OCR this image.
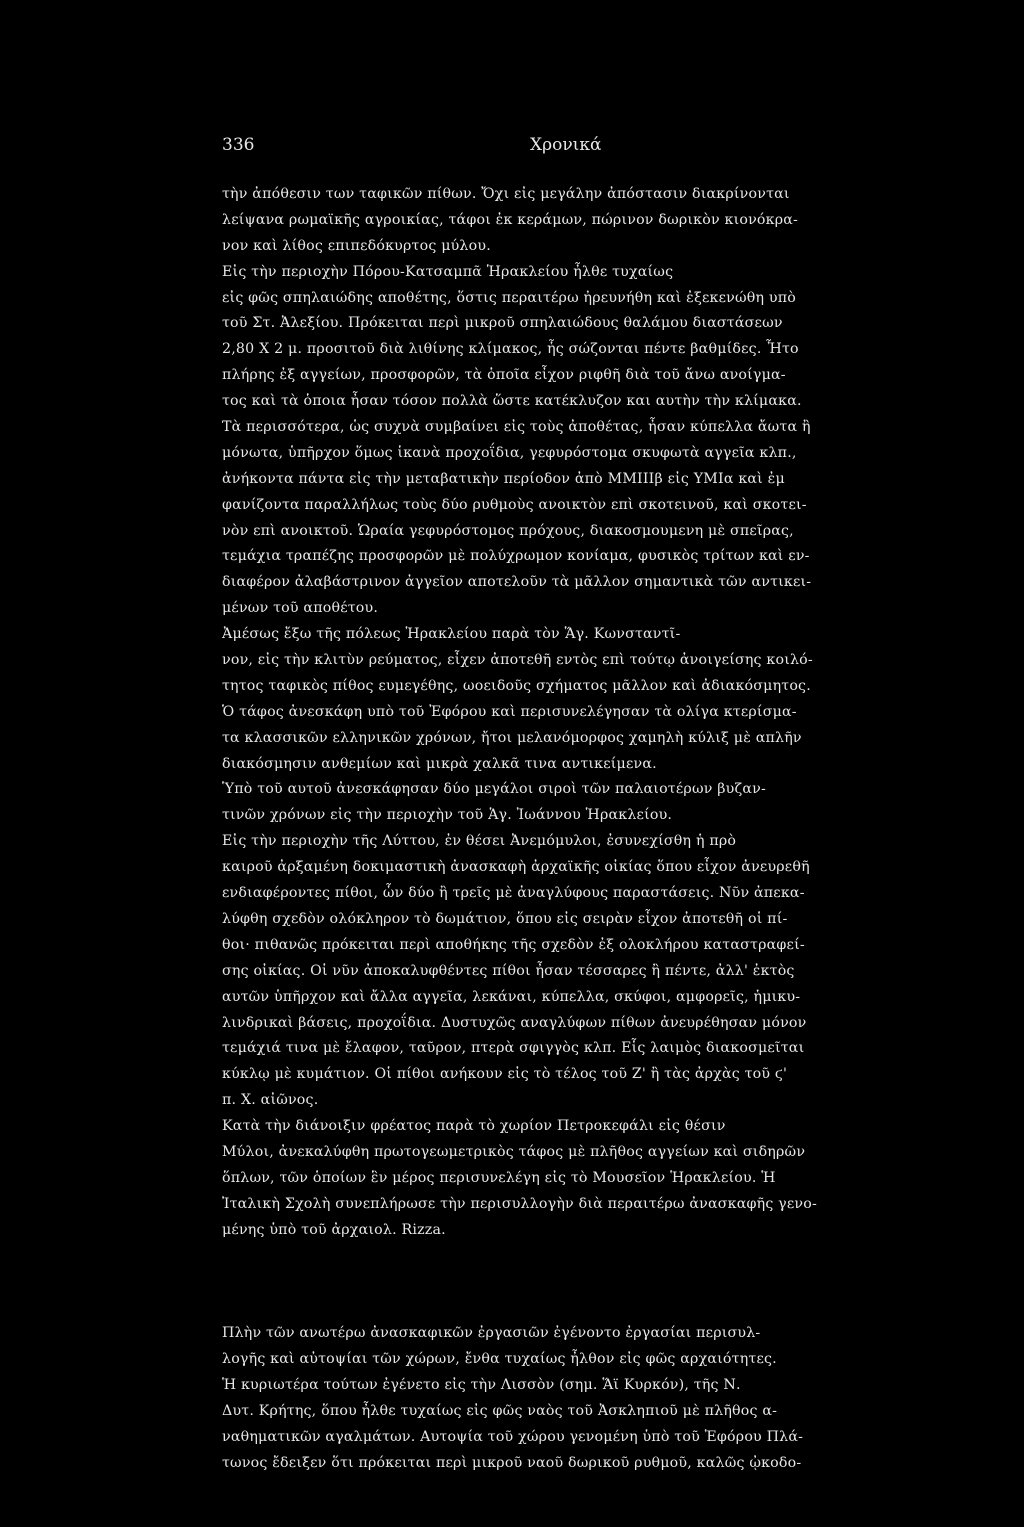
336	Χρονικά
τὴν ἀπόθεσιν των ταφικῶν πίθων. Ὄχι εἰς μεγάλην ἀπόστασιν διακρίνονται
λείψανα ρωμαϊκῆς αγροικίας, τάφοι ἐκ κεράμων, πώρινον δωρικὸν κιονόκρα-
νον καὶ λίθος επιπεδόκυρτος μύλου.
Εἰς τὴν περιοχὴν Πόρου-Κατσαμπᾶ Ἡρακλείου ἦλθε τυχαίως
εἰς φῶς σπηλαιώδης αποθέτης, ὅστις περαιτέρω ἠρευνήθη καὶ ἐξεκενώθη υπὸ
τοῦ Στ. Ἀλεξίου. Πρόκειται περὶ μικροῦ σπηλαιώδους θαλάμου διαστάσεων
2,80 X 2 μ. προσιτοῦ διὰ λιθίνης κλίμακος, ἧς σώζονται πέντε βαθμίδες. Ἦτο
πλήρης ἐξ αγγείων, προσφορῶν, τὰ ὁποῖα εἶχον ριφθῆ διὰ τοῦ ἄνω ανοίγμα-
τος καὶ τὰ ὁποια ἦσαν τόσον πολλὰ ὥστε κατέκλυζον και αυτὴν τὴν κλίμακα.
Τὰ περισσότερα, ὡς συχνὰ συμβαίνει εἰς τοὺς ἀποθέτας, ἦσαν κύπελλα ἄωτα ἢ
μόνωτα, ὑπῆρχον ὅμως ἱκανὰ προχοΐδια, γεφυρόστομα σκυφωτὰ αγγεῖα κλπ.,
ἀνήκοντα πάντα εἰς τὴν μεταβατικὴν περίοδον ἀπὸ ΜΜΙΙΙβ εἰς ΥΜΙα καὶ ἐμ
φανίζοντα παραλλήλως τοὺς δύο ρυθμοὺς ανοικτὸν επὶ σκοτεινοῦ, καὶ σκοτει-
νὸν επὶ ανοικτοῦ. Ὡραία γεφυρόστομος πρόχους, διακοσμουμενη μὲ σπεῖρας,
τεμάχια τραπέζης προσφορῶν μὲ πολύχρωμον κονίαμα, φυσικὸς τρίτων καὶ εν-
διαφέρον ἀλαβάστρινον ἀγγεῖον αποτελοῦν τὰ μᾶλλον σημαντικὰ τῶν αντικει-
μένων τοῦ αποθέτου.
Ἀμέσως ἔξω τῆς πόλεως Ἡρακλείου παρὰ τὸν Ἅγ. Κωνσταντῖ-
νον, εἰς τὴν κλιτὺν ρεύματος, εἶχεν ἀποτεθῆ εντὸς επὶ τούτῳ ἀνοιγείσης κοιλό-
τητος ταφικὸς πίθος ευμεγέθης, ωοειδοῦς σχήματος μᾶλλον καὶ ἀδιακόσμητος.
Ὁ τάφος ἀνεσκάφη υπὸ τοῦ Ἐφόρου καὶ περισυνελέγησαν τὰ ολίγα κτερίσμα-
τα κλασσικῶν ελληνικῶν χρόνων, ἤτοι μελανόμορφος χαμηλὴ κύλιξ μὲ απλῆν
διακόσμησιν ανθεμίων καὶ μικρὰ χαλκᾶ τινα αντικείμενα.
Ὑπὸ τοῦ αυτοῦ ἀνεσκάφησαν δύο μεγάλοι σιροὶ τῶν παλαιοτέρων βυζαν-
τινῶν χρόνων εἰς τὴν περιοχὴν τοῦ Ἁγ. Ἰωάννου Ἡρακλείου.
Εἰς τὴν περιοχὴν τῆς Λύττου, ἐν θέσει Ἀνεμόμυλοι, ἐσυνεχίσθη ἡ πρὸ
καιροῦ ἀρξαμένη δοκιμαστικὴ ἀνασκαφὴ ἀρχαϊκῆς οἰκίας ὅπου εἶχον ἀνευρεθῆ
ενδιαφέροντες πίθοι, ὧν δύο ἢ τρεῖς μὲ ἀναγλύφους παραστάσεις. Νῦν ἀπεκα-
λύφθη σχεδὸν ολόκληρον τὸ δωμάτιον, ὅπου εἰς σειρὰν εἶχον ἀποτεθῆ οἱ πί-
θοι· πιθανῶς πρόκειται περὶ αποθήκης τῆς σχεδὸν ἐξ ολοκλήρου καταστραφεί-
σης οἰκίας. Οἱ νῦν ἀποκαλυφθέντες πίθοι ἦσαν τέσσαρες ἢ πέντε, ἀλλ' ἐκτὸς
αυτῶν ὑπῆρχον καὶ ἄλλα αγγεῖα, λεκάναι, κύπελλα, σκύφοι, αμφορεῖς, ἡμικυ-
λινδρικαὶ βάσεις, προχοΐδια. Δυστυχῶς αναγλύφων πίθων ἀνευρέθησαν μόνον
τεμάχιά τινα μὲ ἔλαφον, ταῦρον, πτερὰ σφιγγὸς κλπ. Εἷς λαιμὸς διακοσμεῖται
κύκλῳ μὲ κυμάτιον. Οἱ πίθοι ανήκουν εἰς τὸ τέλος τοῦ Ζ' ἢ τὰς ἀρχὰς τοῦ ϛ'
π. Χ. αἰῶνος.
Κατὰ τὴν διάνοιξιν φρέατος παρὰ τὸ χωρίον Πετροκεφάλι εἰς θέσιν
Μύλοι, ἀνεκαλύφθη πρωτογεωμετρικὸς τάφος μὲ πλῆθος αγγείων καὶ σιδηρῶν
ὅπλων, τῶν ὁποίων ἓν μέρος περισυνελέγη εἰς τὸ Μουσεῖον Ἡρακλείου. Ἡ
Ἰταλικὴ Σχολὴ συνεπλήρωσε τὴν περισυλλογὴν διὰ περαιτέρω ἀνασκαφῆς γενο-
μένης ὑπὸ τοῦ ἀρχαιολ. Rizza.
Πλὴν τῶν ανωτέρω ἀνασκαφικῶν ἐργασιῶν ἐγένοντο ἐργασίαι περισυλ-
λογῆς καὶ αὐτοψίαι τῶν χώρων, ἔνθα τυχαίως ἦλθον εἰς φῶς αρχαιότητες.
Ἡ κυριωτέρα τούτων ἐγένετο εἰς τὴν Λισσὸν (σημ. Ἅϊ Κυρκόν), τῆς Ν.
Δυτ. Κρήτης, ὅπου ἦλθε τυχαίως εἰς φῶς ναὸς τοῦ Ἀσκληπιοῦ μὲ πλῆθος α-
ναθηματικῶν αγαλμάτων. Αυτοψία τοῦ χώρου γενομένη ὑπὸ τοῦ Ἐφόρου Πλά-
τωνος ἔδειξεν ὅτι πρόκειται περὶ μικροῦ ναοῦ δωρικοῦ ρυθμοῦ, καλῶς ᾠκοδο-
